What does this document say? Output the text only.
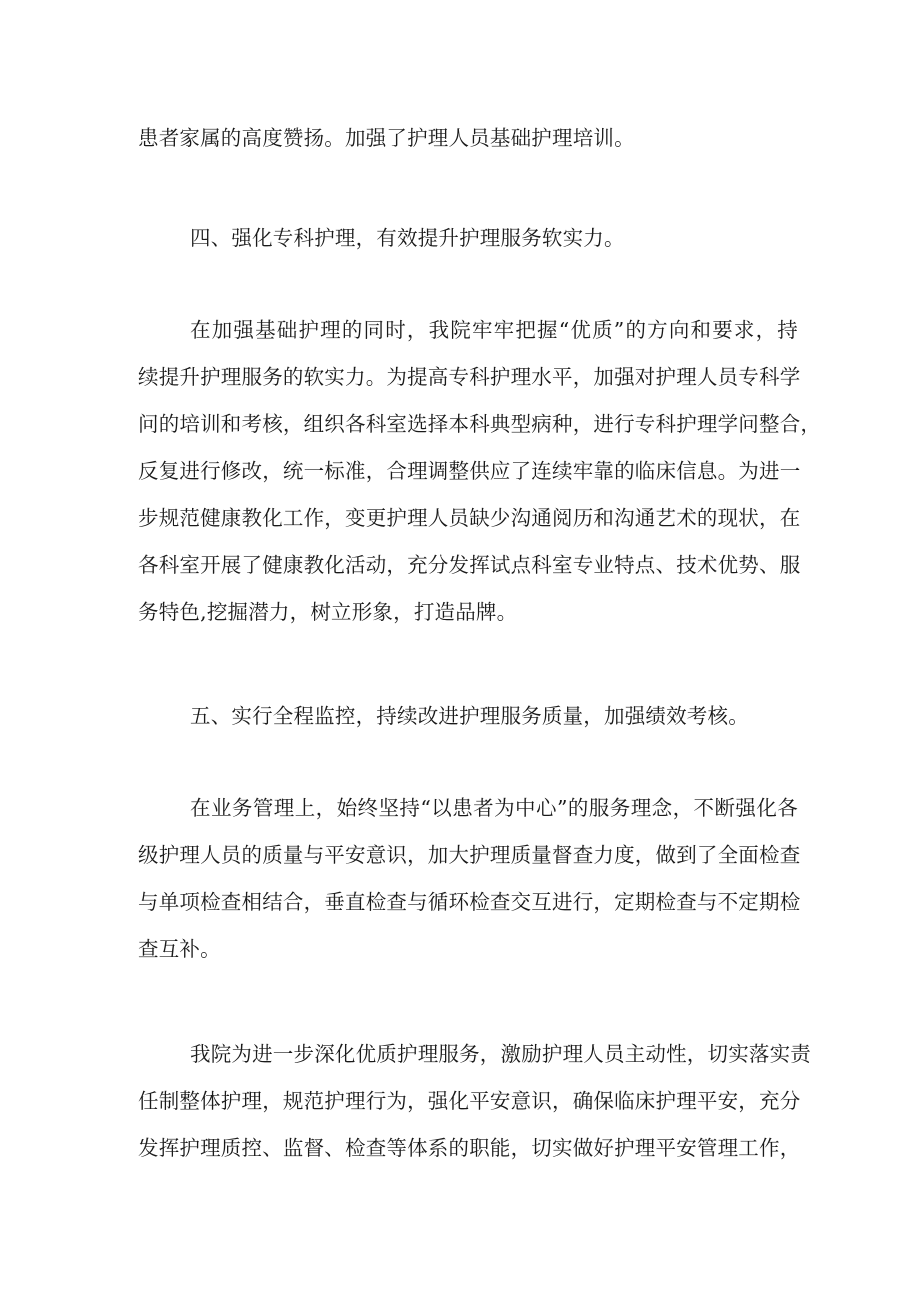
患者家属的高度赞扬。加强了护理人员基础护理培训。
四、强化专科护理，有效提升护理服务软实力。
在加强基础护理的同时，我院牢牢把握“优质”的方向和要求，持
续提升护理服务的软实力。为提高专科护理水平，加强对护理人员专科学
问的培训和考核，组织各科室选择本科典型病种，进行专科护理学问整合，
反复进行修改，统一标准，合理调整供应了连续牢靠的临床信息。为进一
步规范健康教化工作，变更护理人员缺少沟通阅历和沟通艺术的现状，在
各科室开展了健康教化活动，充分发挥试点科室专业特点、技术优势、服
务特色,挖掘潜力，树立形象，打造品牌。
五、实行全程监控，持续改进护理服务质量，加强绩效考核。
在业务管理上，始终坚持“以患者为中心”的服务理念，不断强化各
级护理人员的质量与平安意识，加大护理质量督查力度，做到了全面检查
与单项检查相结合，垂直检查与循环检查交互进行，定期检查与不定期检
查互补。
我院为进一步深化优质护理服务，激励护理人员主动性，切实落实责
任制整体护理，规范护理行为，强化平安意识，确保临床护理平安，充分
发挥护理质控、监督、检查等体系的职能，切实做好护理平安管理工作，
